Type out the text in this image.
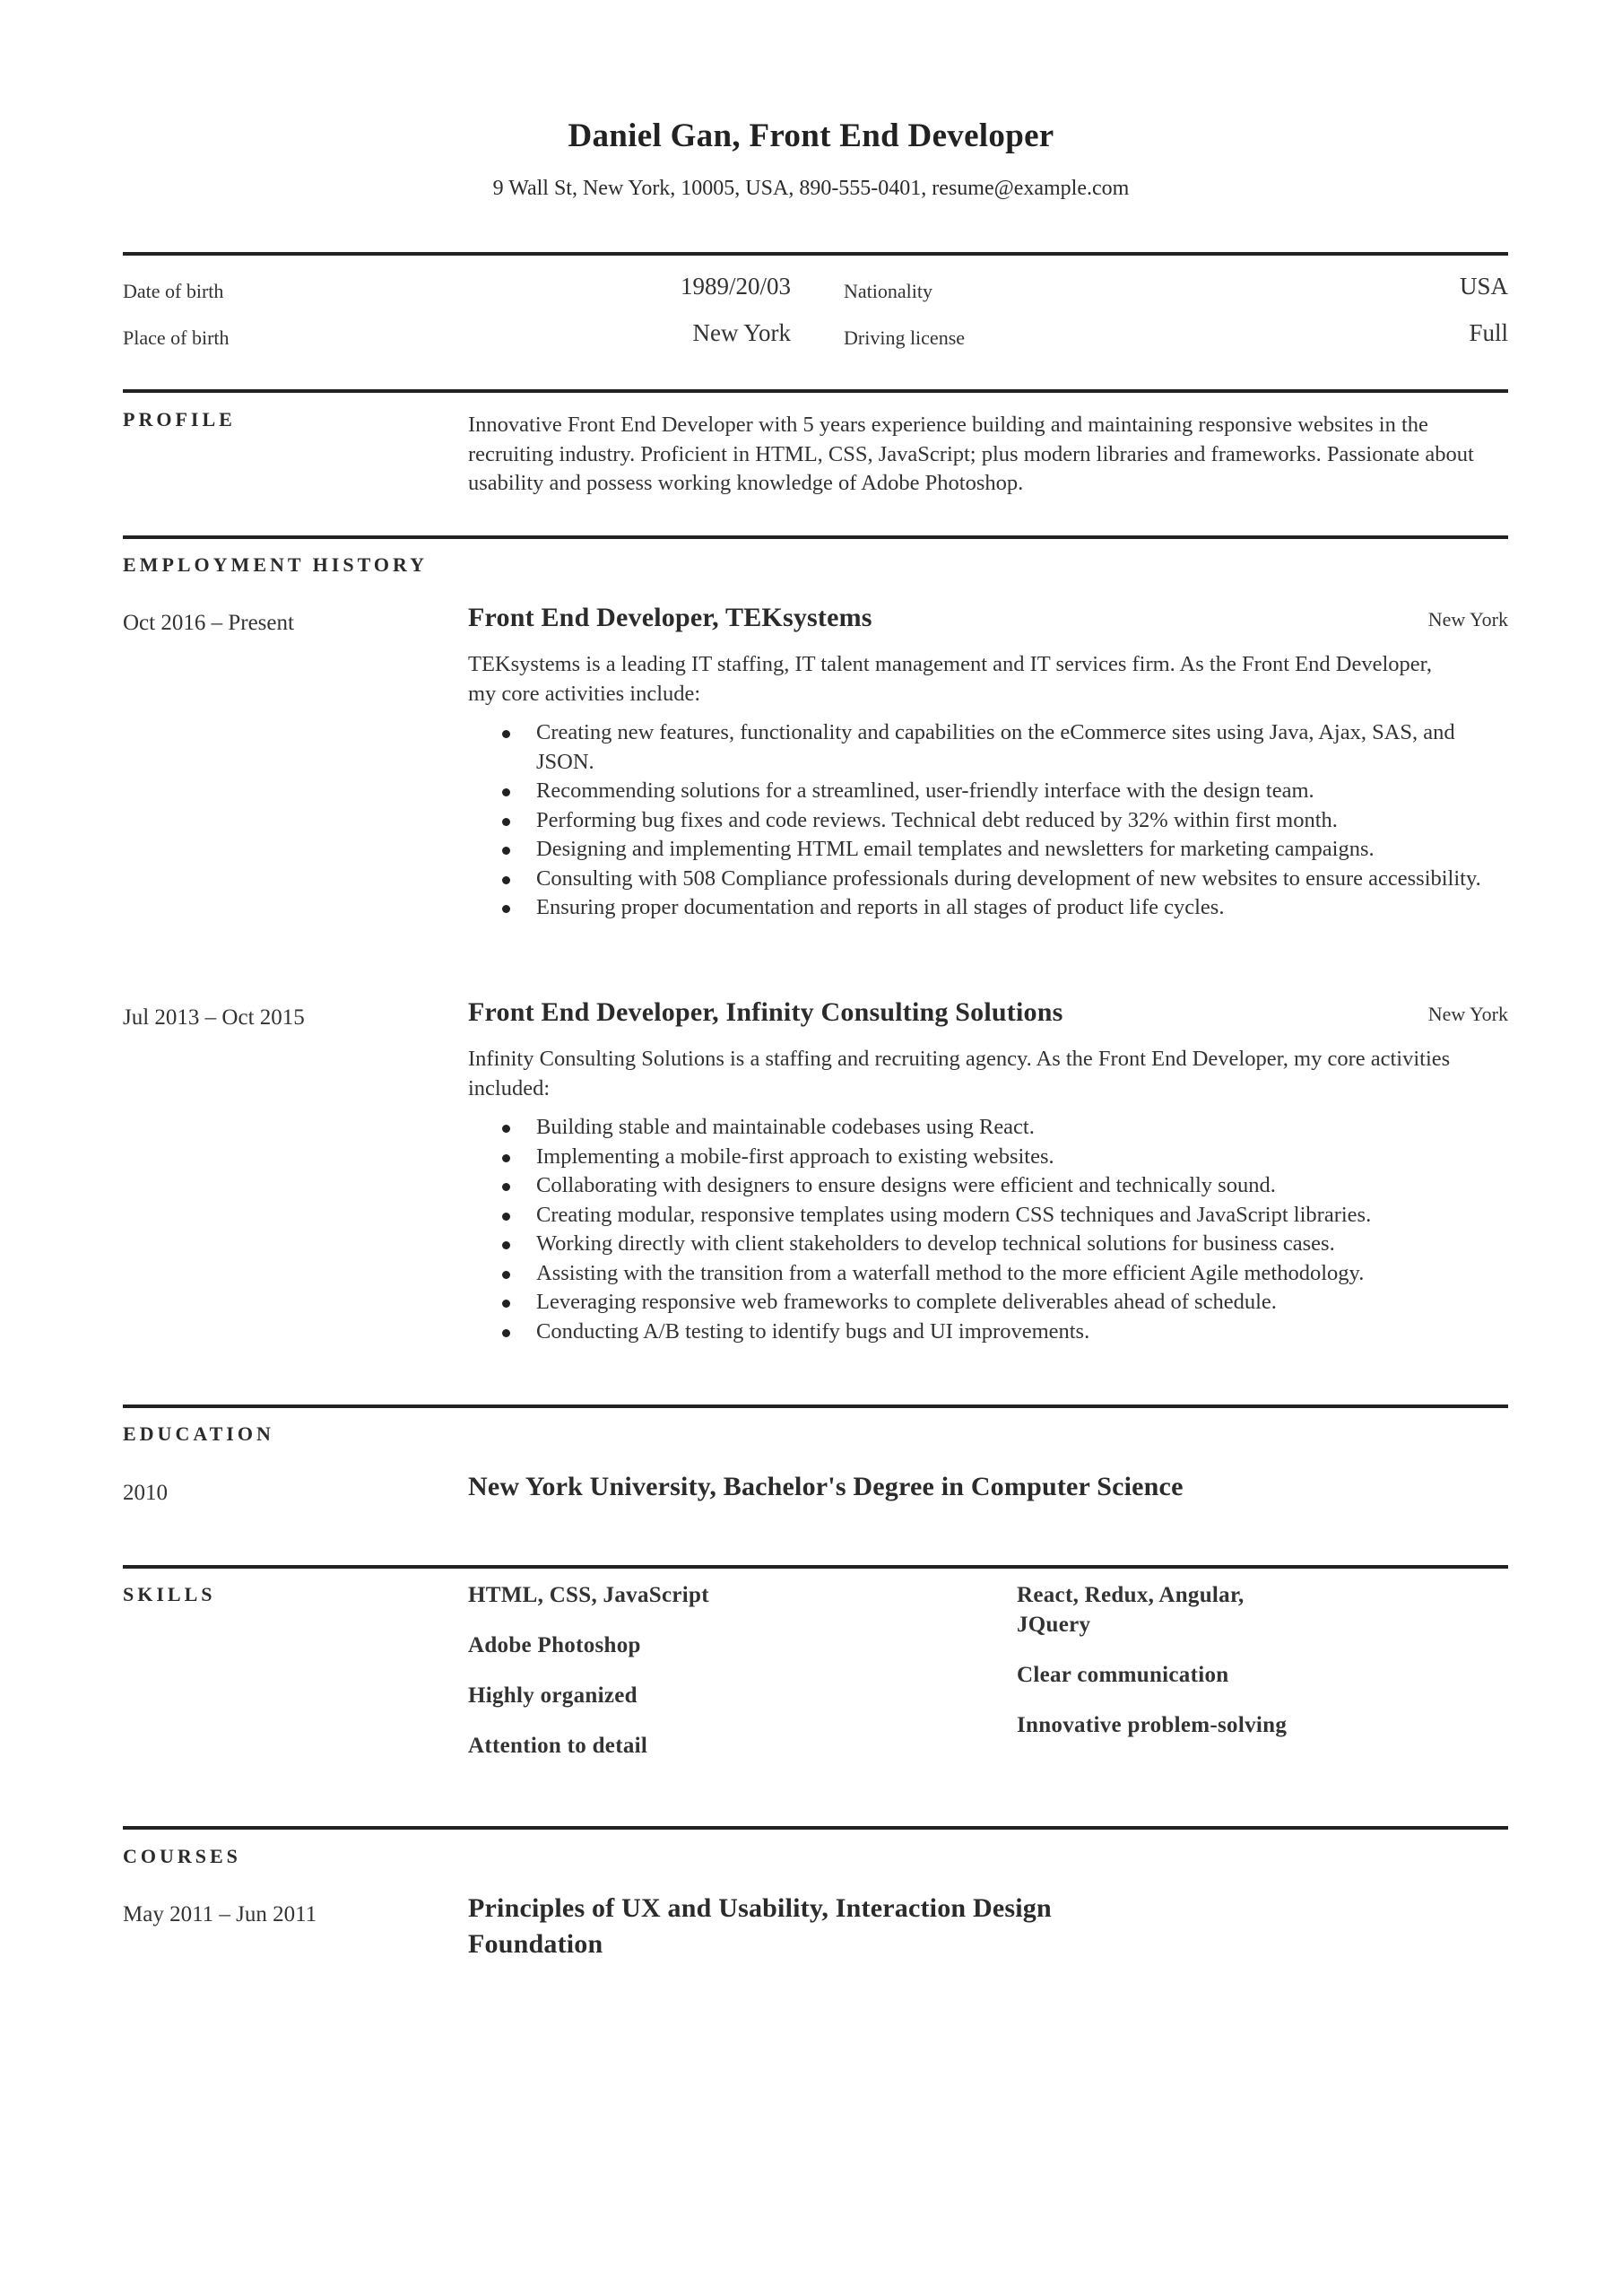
Daniel Gan, Front End Developer
9 Wall St, New York, 10005, USA, 890-555-0401, resume@example.com
Date of birth	1989/20/03	Nationality	USA
Place of birth	New York	Driving license	Full
PROFILE	Innovative Front End Developer with 5 years experience building and maintaining responsive websites in the recruiting industry. Proficient in HTML, CSS, JavaScript; plus modern libraries and frameworks. Passionate about usability and possess working knowledge of Adobe Photoshop.

EMPLOYMENT HISTORY
Oct 2016 – Present	Front End Developer, TEKsystems	New York

TEKsystems is a leading IT staffing, IT talent management and IT services firm. As the Front End Developer, my core activities include:

Creating new features, functionality and capabilities on the eCommerce sites using Java, Ajax, SAS, and JSON.
Recommending solutions for a streamlined, user-friendly interface with the design team.
Performing bug fixes and code reviews. Technical debt reduced by 32% within first month.
Designing and implementing HTML email templates and newsletters for marketing campaigns.
Consulting with 508 Compliance professionals during development of new websites to ensure accessibility.
Ensuring proper documentation and reports in all stages of product life cycles.
Jul 2013 – Oct 2015	Front End Developer, Infinity Consulting Solutions	New York

Infinity Consulting Solutions is a staffing and recruiting agency. As the Front End Developer, my core activities included:

Building stable and maintainable codebases using React.
Implementing a mobile-first approach to existing websites.
Collaborating with designers to ensure designs were efficient and technically sound.
Creating modular, responsive templates using modern CSS techniques and JavaScript libraries.
Working directly with client stakeholders to develop technical solutions for business cases.
Assisting with the transition from a waterfall method to the more efficient Agile methodology.
Leveraging responsive web frameworks to complete deliverables ahead of schedule.
Conducting A/B testing to identify bugs and UI improvements.
EDUCATION
2010	New York University, Bachelor's Degree in Computer Science

SKILLS	HTML, CSS, JavaScript
Adobe Photoshop
Highly organized
Attention to detail
React, Redux, Angular, JQuery
Clear communication
Innovative problem-solving
COURSES
May 2011 – Jun 2011	Principles of UX and Usability, Interaction Design Foundation
